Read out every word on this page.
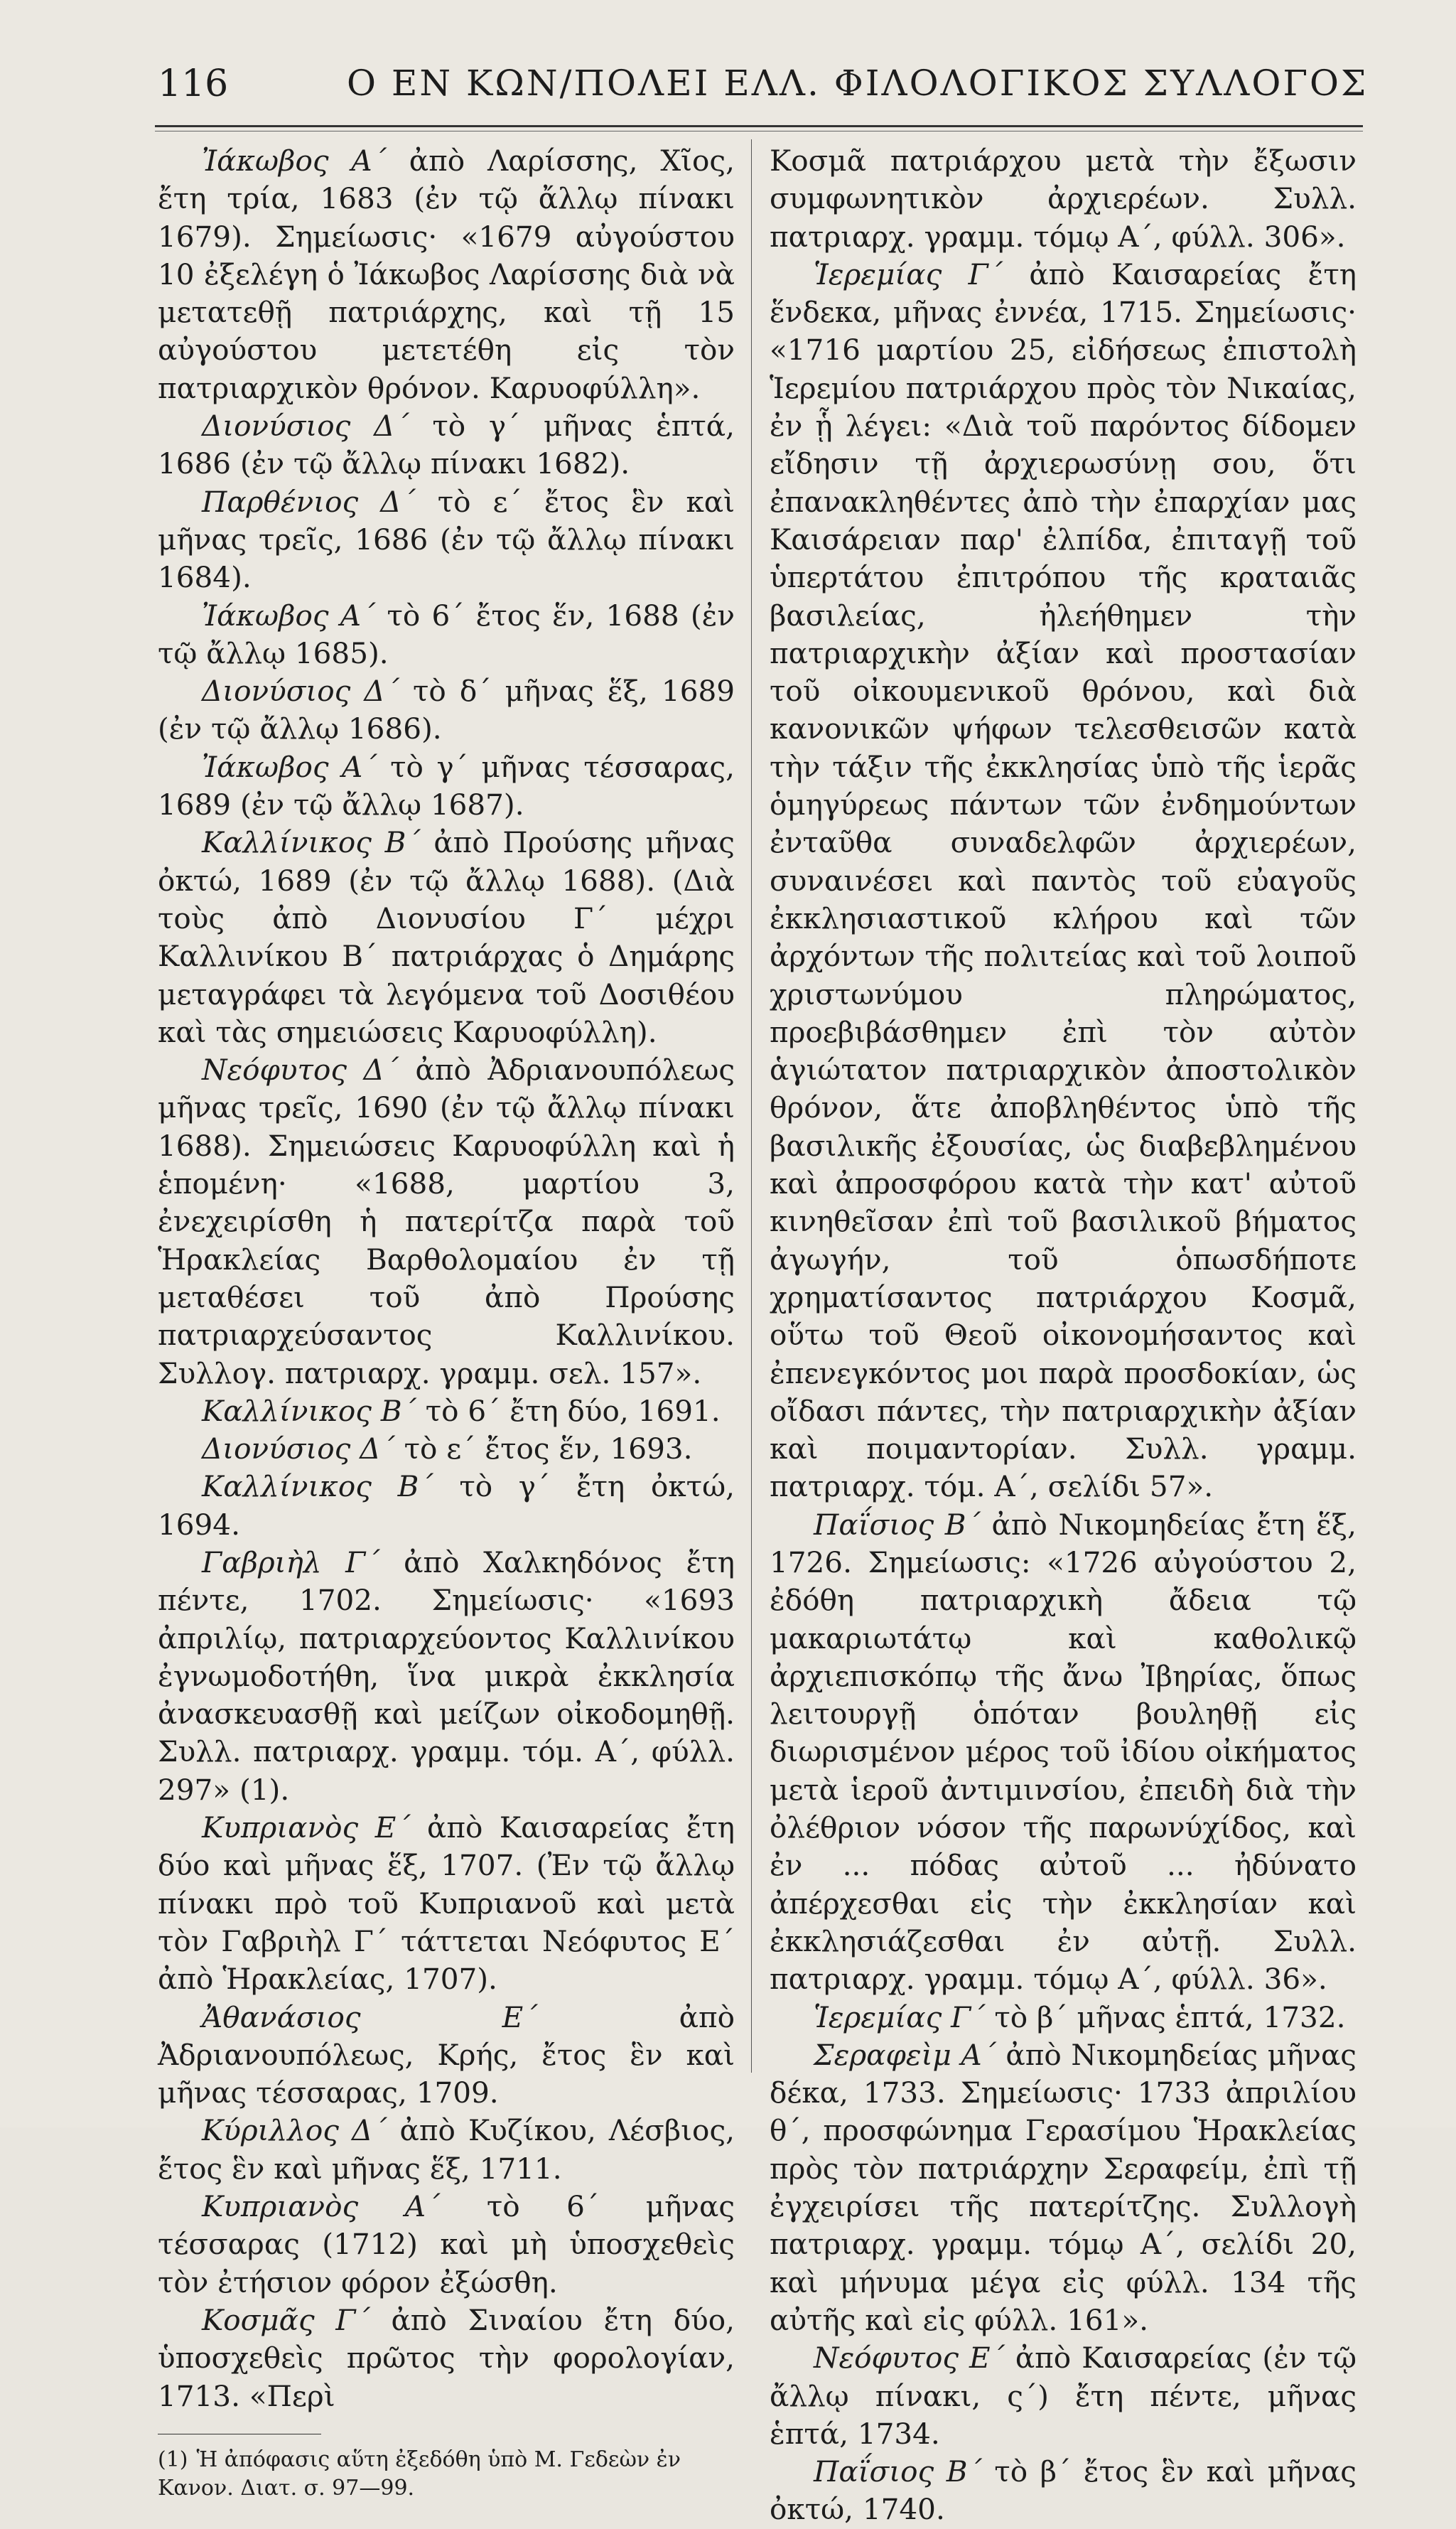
116	Ο ΕΝ ΚΩΝ/ΠΟΛΕΙ ΕΛΛ. ΦΙΛΟΛΟΓΙΚΟΣ ΣΥΛΛΟΓΟΣ

Ἰάκωβος Α΄ ἀπὸ Λαρίσσης, Χῖος, ἔτη τρία, 1683 (ἐν τῷ ἄλλῳ πίνακι 1679). Σημείωσις· «1679 αὐγούστου 10 ἐξελέγη ὁ Ἰάκωβος Λαρίσσης διὰ νὰ μετατεθῇ πατριάρχης, καὶ τῇ 15 αὐγούστου μετετέθη εἰς τὸν πατριαρχικὸν θρόνον. Καρυοφύλλη».

Διονύσιος Δ΄ τὸ γ΄ μῆνας ἑπτά, 1686 (ἐν τῷ ἄλλῳ πίνακι 1682).

Παρθένιος Δ΄ τὸ ε΄ ἔτος ἓν καὶ μῆνας τρεῖς, 1686 (ἐν τῷ ἄλλῳ πίνακι 1684).

Ἰάκωβος Α΄ τὸ 6΄ ἔτος ἕν, 1688 (ἐν τῷ ἄλλῳ 1685).

Διονύσιος Δ΄ τὸ δ΄ μῆνας ἕξ, 1689 (ἐν τῷ ἄλλῳ 1686).

Ἰάκωβος Α΄ τὸ γ΄ μῆνας τέσσαρας, 1689 (ἐν τῷ ἄλλῳ 1687).

Καλλίνικος Β΄ ἀπὸ Προύσης μῆνας ὀκτώ, 1689 (ἐν τῷ ἄλλῳ 1688). (Διὰ τοὺς ἀπὸ Διονυσίου Γ΄ μέχρι Καλλινίκου Β΄ πατριάρχας ὁ Δημάρης μεταγράφει τὰ λεγόμενα τοῦ Δοσιθέου καὶ τὰς σημειώσεις Καρυοφύλλη).

Νεόφυτος Δ΄ ἀπὸ Ἀδριανουπόλεως μῆνας τρεῖς, 1690 (ἐν τῷ ἄλλῳ πίνακι 1688). Σημειώσεις Καρυοφύλλη καὶ ἡ ἑπομένη· «1688, μαρτίου 3, ἐνεχειρίσθη ἡ πατερίτζα παρὰ τοῦ Ἡρακλείας Βαρθολομαίου ἐν τῇ μεταθέσει τοῦ ἀπὸ Προύσης πατριαρχεύσαντος Καλλινίκου. Συλλογ. πατριαρχ. γραμμ. σελ. 157».

Καλλίνικος Β΄ τὸ 6΄ ἔτη δύο, 1691.

Διονύσιος Δ΄ τὸ ε΄ ἔτος ἕν, 1693.

Καλλίνικος Β΄ τὸ γ΄ ἔτη ὀκτώ, 1694.

Γαβριὴλ Γ΄ ἀπὸ Χαλκηδόνος ἔτη πέντε, 1702. Σημείωσις· «1693 ἀπριλίῳ, πατριαρχεύοντος Καλλινίκου ἐγνωμοδοτήθη, ἵνα μικρὰ ἐκκλησία ἀνασκευασθῇ καὶ μείζων οἰκοδομηθῇ. Συλλ. πατριαρχ. γραμμ. τόμ. Α΄, φύλλ. 297» (1).

Κυπριανὸς Ε΄ ἀπὸ Καισαρείας ἔτη δύο καὶ μῆνας ἕξ, 1707. (Ἐν τῷ ἄλλῳ πίνακι πρὸ τοῦ Κυπριανοῦ καὶ μετὰ τὸν Γαβριὴλ Γ΄ τάττεται Νεόφυτος Ε΄ ἀπὸ Ἡρακλείας, 1707).

Ἀθανάσιος Ε΄ ἀπὸ Ἀδριανουπόλεως, Κρής, ἔτος ἓν καὶ μῆνας τέσσαρας, 1709.

Κύριλλος Δ΄ ἀπὸ Κυζίκου, Λέσβιος, ἔτος ἓν καὶ μῆνας ἕξ, 1711.

Κυπριανὸς Α΄ τὸ 6΄ μῆνας τέσσαρας (1712) καὶ μὴ ὑποσχεθεὶς τὸν ἐτήσιον φόρον ἐξώσθη.

Κοσμᾶς Γ΄ ἀπὸ Σιναίου ἔτη δύο, ὑποσχεθεὶς πρῶτος τὴν φορολογίαν, 1713. «Περὶ

(1) Ἡ ἀπόφασις αὕτη ἐξεδόθη ὑπὸ Μ. Γεδεὼν ἐν Κανον. Διατ. σ. 97—99.

Κοσμᾶ πατριάρχου μετὰ τὴν ἔξωσιν συμφωνητικὸν ἀρχιερέων. Συλλ. πατριαρχ. γραμμ. τόμῳ Α΄, φύλλ. 306».

Ἱερεμίας Γ΄ ἀπὸ Καισαρείας ἔτη ἕνδεκα, μῆνας ἐννέα, 1715. Σημείωσις· «1716 μαρτίου 25, εἰδήσεως ἐπιστολὴ Ἱερεμίου πατριάρχου πρὸς τὸν Νικαίας, ἐν ᾗ λέγει: «Διὰ τοῦ παρόντος δίδομεν εἴδησιν τῇ ἀρχιερωσύνῃ σου, ὅτι ἐπανακληθέντες ἀπὸ τὴν ἐπαρχίαν μας Καισάρειαν παρ' ἐλπίδα, ἐπιταγῇ τοῦ ὑπερτάτου ἐπιτρόπου τῆς κραταιᾶς βασιλείας, ἠλεήθημεν τὴν πατριαρχικὴν ἀξίαν καὶ προστασίαν τοῦ οἰκουμενικοῦ θρόνου, καὶ διὰ κανονικῶν ψήφων τελεσθεισῶν κατὰ τὴν τάξιν τῆς ἐκκλησίας ὑπὸ τῆς ἱερᾶς ὁμηγύρεως πάντων τῶν ἐνδημούντων ἐνταῦθα συναδελφῶν ἀρχιερέων, συναινέσει καὶ παντὸς τοῦ εὐαγοῦς ἐκκλησιαστικοῦ κλήρου καὶ τῶν ἀρχόντων τῆς πολιτείας καὶ τοῦ λοιποῦ χριστωνύμου πληρώματος, προεβιβάσθημεν ἐπὶ τὸν αὐτὸν ἁγιώτατον πατριαρχικὸν ἀποστολικὸν θρόνον, ἅτε ἀποβληθέντος ὑπὸ τῆς βασιλικῆς ἐξουσίας, ὡς διαβεβλημένου καὶ ἀπροσφόρου κατὰ τὴν κατ' αὐτοῦ κινηθεῖσαν ἐπὶ τοῦ βασιλικοῦ βήματος ἀγωγήν, τοῦ ὁπωσδήποτε χρηματίσαντος πατριάρχου Κοσμᾶ, οὕτω τοῦ Θεοῦ οἰκονομήσαντος καὶ ἐπενεγκόντος μοι παρὰ προσδοκίαν, ὡς οἴδασι πάντες, τὴν πατριαρχικὴν ἀξίαν καὶ ποιμαντορίαν. Συλλ. γραμμ. πατριαρχ. τόμ. Α΄, σελίδι 57».

Παΐσιος Β΄ ἀπὸ Νικομηδείας ἔτη ἕξ, 1726. Σημείωσις: «1726 αὐγούστου 2, ἐδόθη πατριαρχικὴ ἄδεια τῷ μακαριωτάτῳ καὶ καθολικῷ ἀρχιεπισκόπῳ τῆς ἄνω Ἰβηρίας, ὅπως λειτουργῇ ὁπόταν βουληθῇ εἰς διωρισμένον μέρος τοῦ ἰδίου οἰκήματος μετὰ ἱεροῦ ἀντιμινσίου, ἐπειδὴ διὰ τὴν ὀλέθριον νόσον τῆς παρωνύχίδος, καὶ ἐν ... πόδας αὐτοῦ ... ἠδύνατο ἀπέρχεσθαι εἰς τὴν ἐκκλησίαν καὶ ἐκκλησιάζεσθαι ἐν αὐτῇ. Συλλ. πατριαρχ. γραμμ. τόμῳ Α΄, φύλλ. 36».

Ἱερεμίας Γ΄ τὸ β΄ μῆνας ἑπτά, 1732.

Σεραφεὶμ Α΄ ἀπὸ Νικομηδείας μῆνας δέκα, 1733. Σημείωσις· 1733 ἀπριλίου θ΄, προσφώνημα Γερασίμου Ἡρακλείας πρὸς τὸν πατριάρχην Σεραφείμ, ἐπὶ τῇ ἐγχειρίσει τῆς πατερίτζης. Συλλογὴ πατριαρχ. γραμμ. τόμῳ Α΄, σελίδι 20, καὶ μήνυμα μέγα εἰς φύλλ. 134 τῆς αὐτῆς καὶ εἰς φύλλ. 161».

Νεόφυτος Ε΄ ἀπὸ Καισαρείας (ἐν τῷ ἄλλῳ πίνακι, ς΄) ἔτη πέντε, μῆνας ἑπτά, 1734.

Παΐσιος Β΄ τὸ β΄ ἔτος ἓν καὶ μῆνας ὀκτώ, 1740.
